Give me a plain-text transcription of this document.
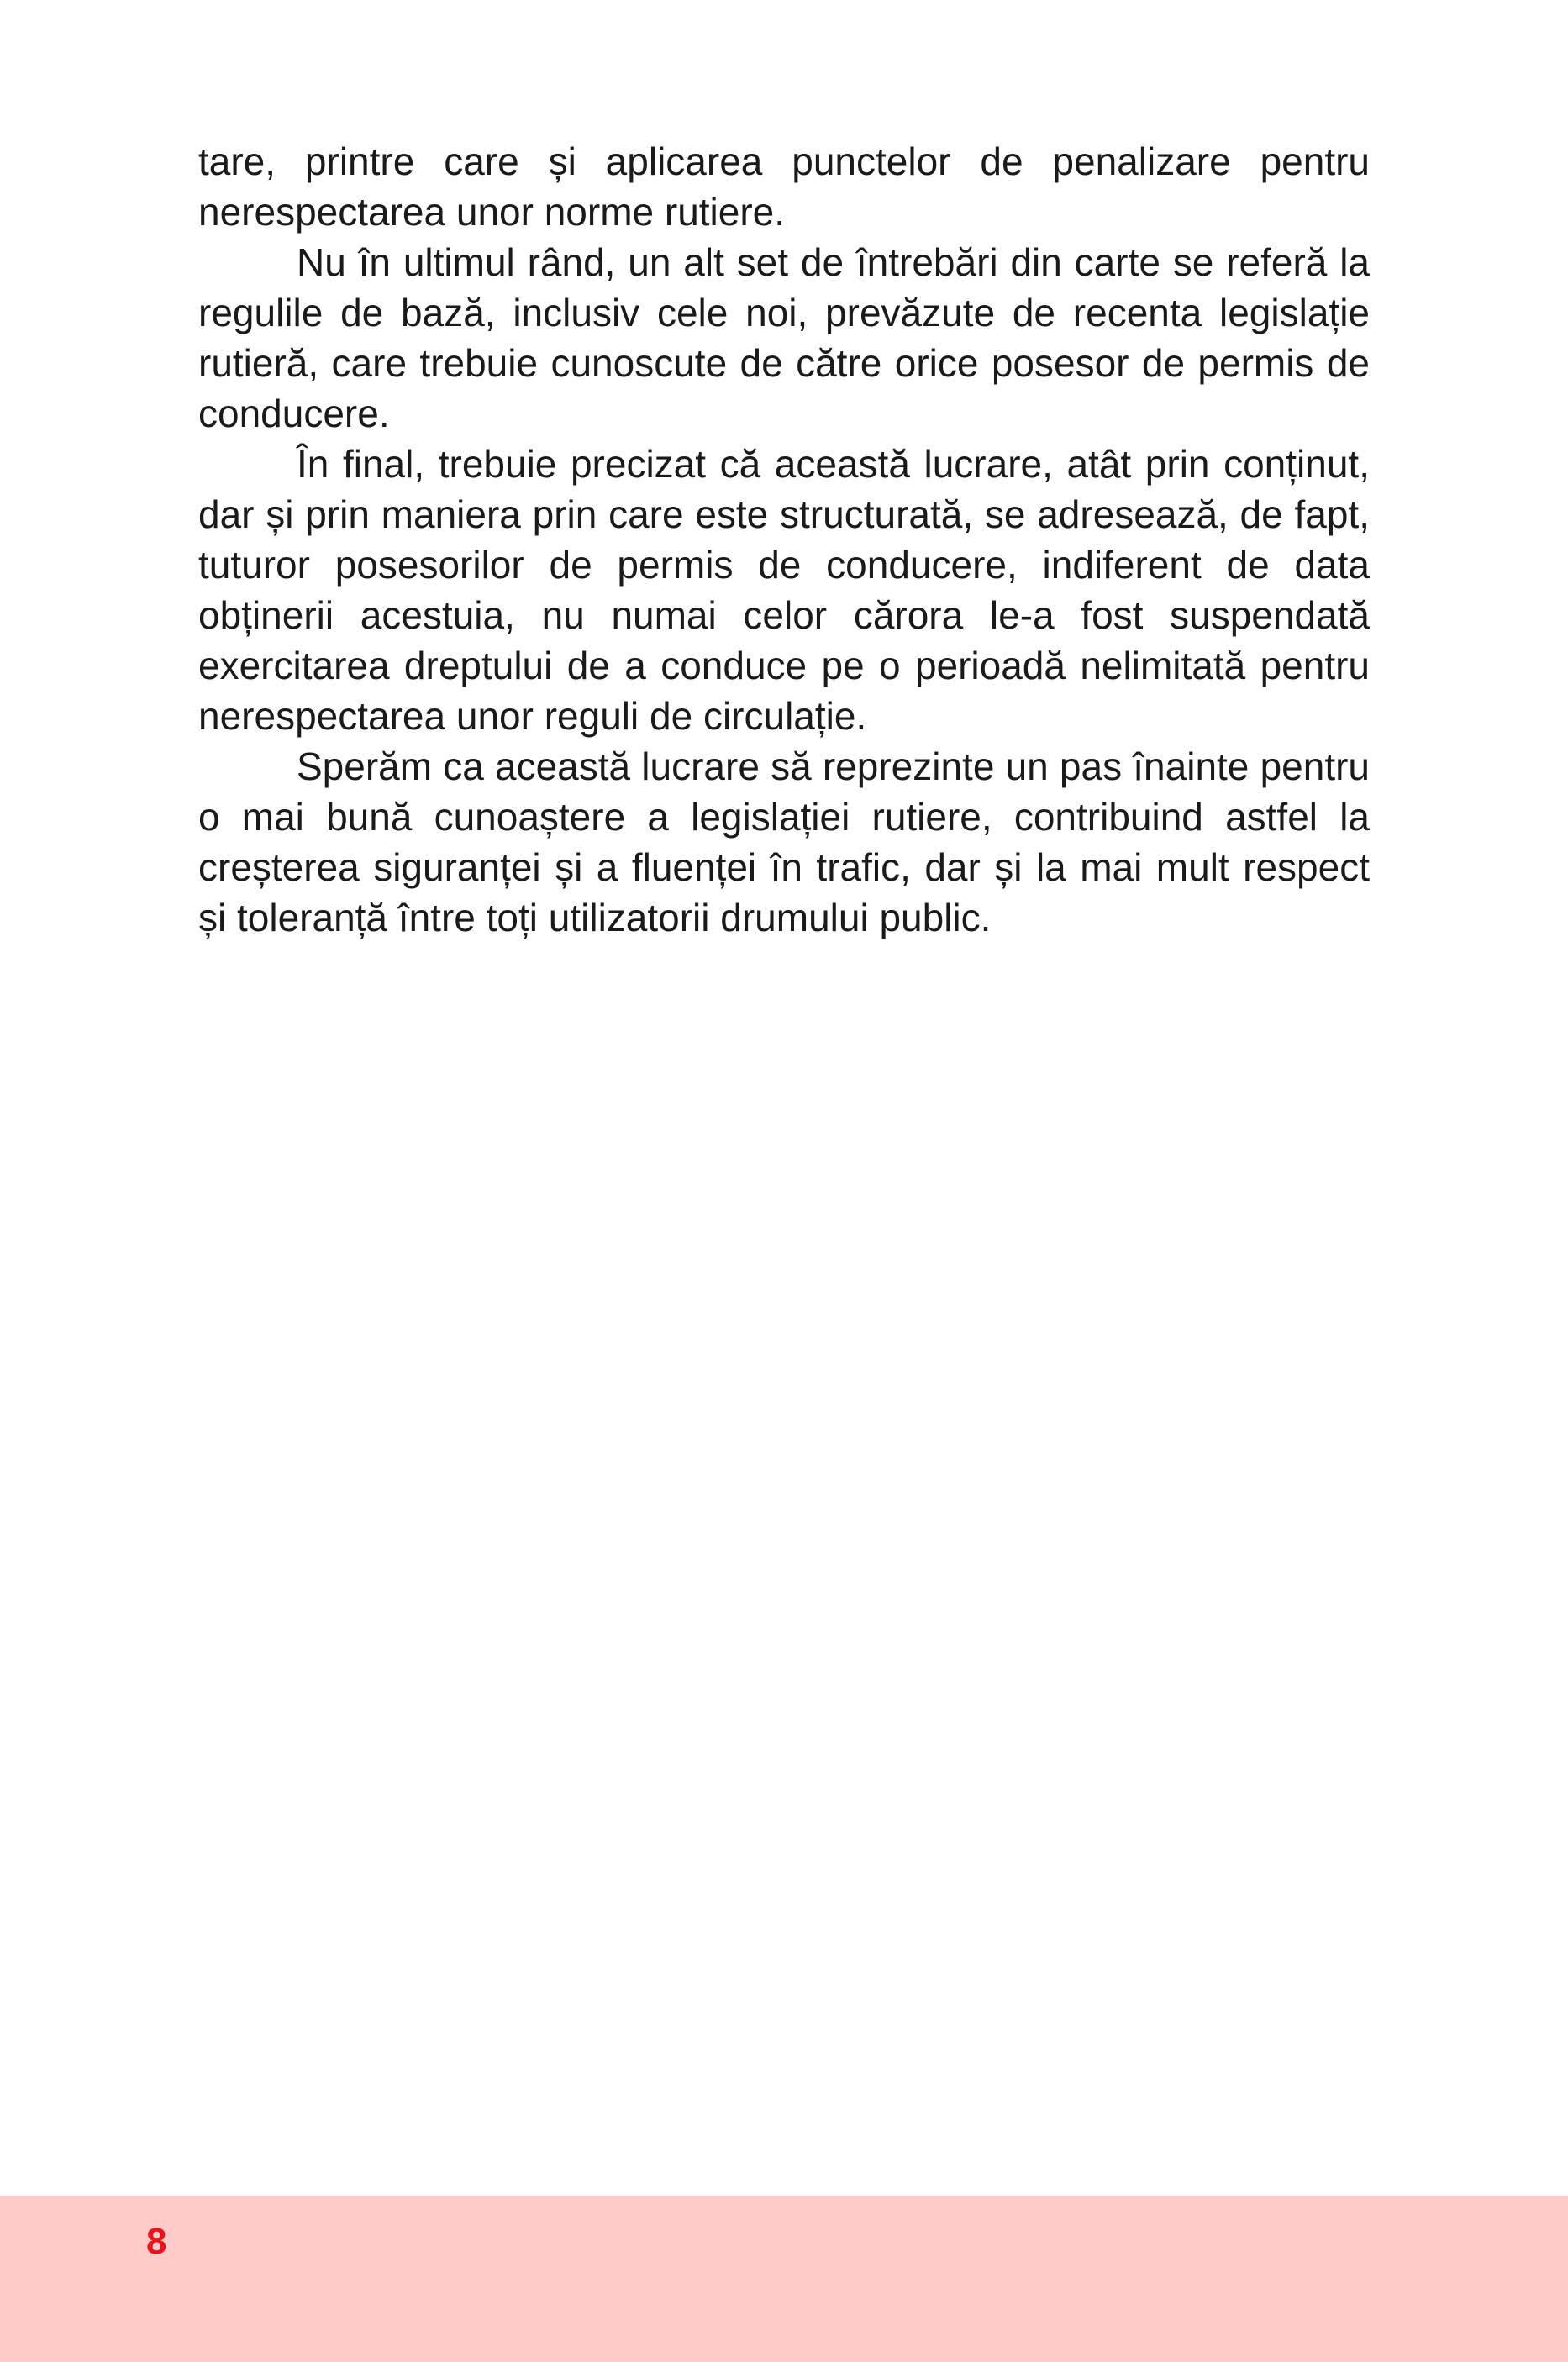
tare, printre care și aplicarea punctelor de penalizare pentru nerespectarea unor norme rutiere.

Nu în ultimul rând, un alt set de întrebări din carte se referă la regulile de bază, inclusiv cele noi, prevăzute de recenta legislație rutieră, care trebuie cunoscute de către orice posesor de permis de conducere.

În final, trebuie precizat că această lucrare, atât prin conținut, dar și prin maniera prin care este structurată, se adresează, de fapt, tuturor posesorilor de permis de conducere, indiferent de data obținerii acestuia, nu numai celor cărora le-a fost suspendată exercitarea dreptului de a conduce pe o perioadă nelimitată pentru nerespectarea unor reguli de circulație.

Sperăm ca această lucrare să reprezinte un pas înainte pentru o mai bună cunoaștere a legislației rutiere, contribuind astfel la creșterea siguranței și a fluenței în trafic, dar și la mai mult respect și toleranță între toți utilizatorii drumului public.

8
